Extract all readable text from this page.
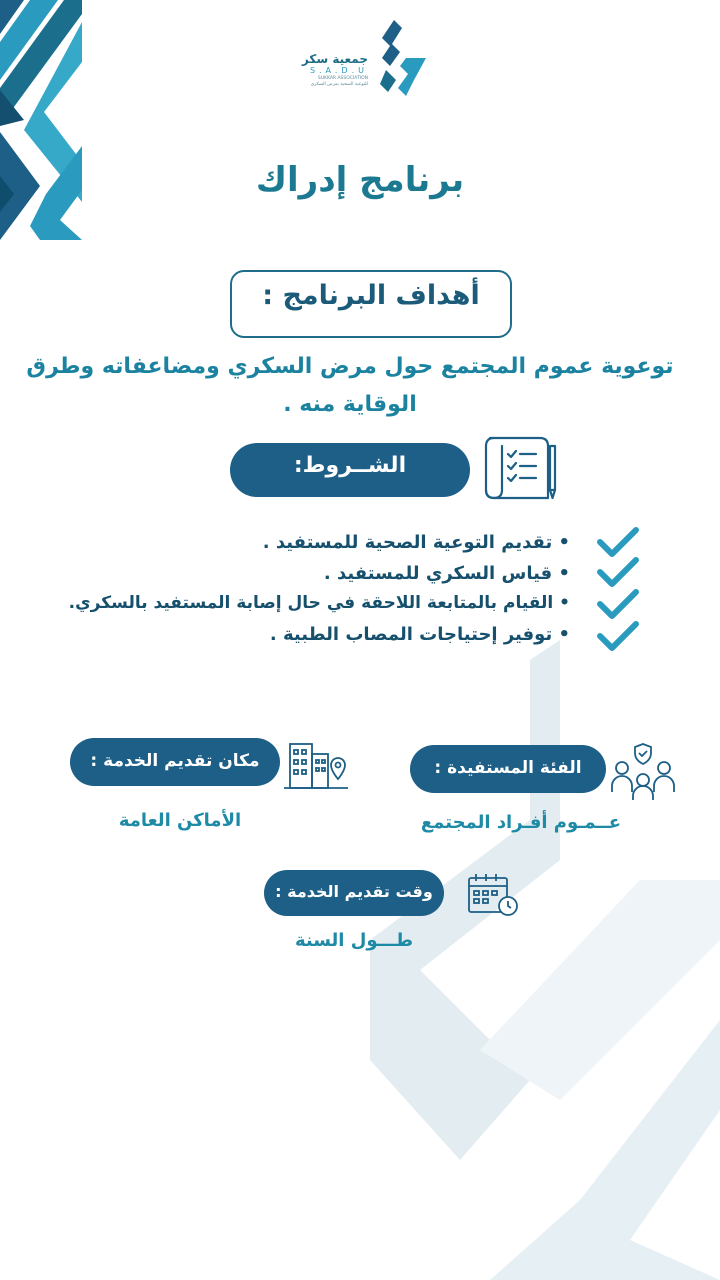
جمعية سكر
S.A.D.U
SUKKAR ASSOCIATION
للتوعية الصحية بمرض السكري
برنامج إدراك
أهداف البرنامج :
توعوية عموم المجتمع حول مرض السكري ومضاعفاته وطرق
الوقاية منه .
الشــروط:
• تقديم التوعية الصحية للمستفيد .
• قياس السكري للمستفيد .
• القيام بالمتابعة اللاحقة في حال إصابة المستفيد بالسكري.
• توفير إحتياجات المصاب الطبية .
مكان تقديم الخدمة :
الأماكن العامة
الفئة المستفيدة :
عــمـوم أفـراد المجتمع
وقت تقديم الخدمة :
طـــول السنة
